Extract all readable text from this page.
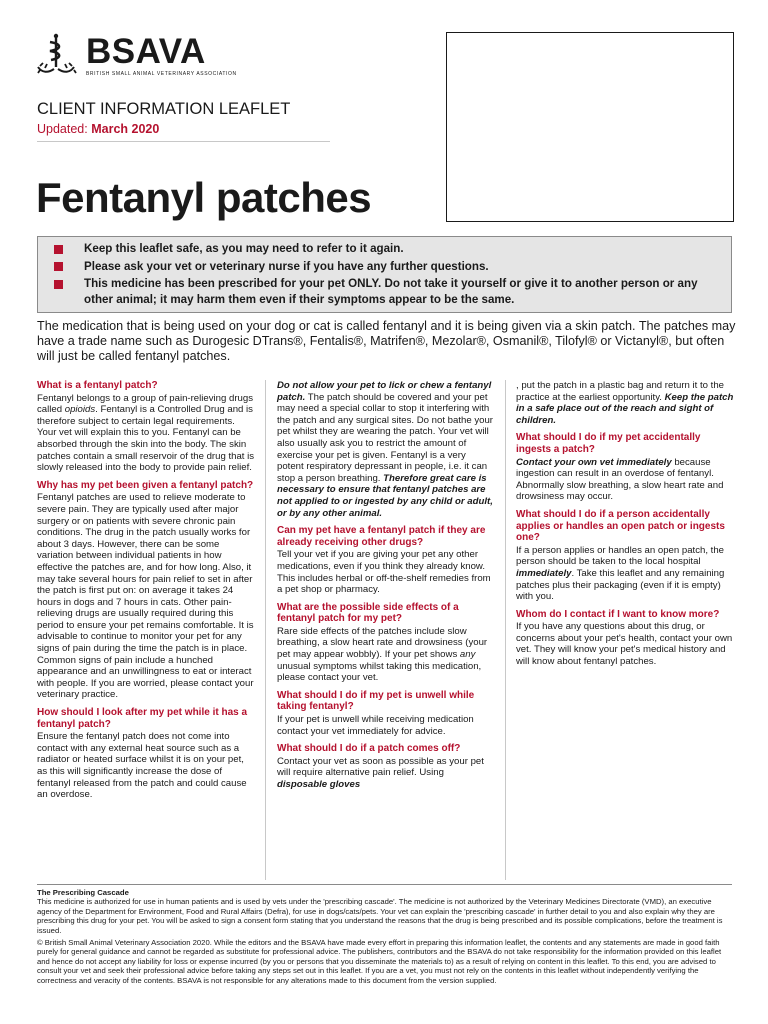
BSAVA
BRITISH SMALL ANIMAL VETERINARY ASSOCIATION
CLIENT INFORMATION LEAFLET
Updated: March 2020
Fentanyl patches
Keep this leaflet safe, as you may need to refer to it again.
Please ask your vet or veterinary nurse if you have any further questions.
This medicine has been prescribed for your pet ONLY. Do not take it yourself or give it to another person or any other animal; it may harm them even if their symptoms appear to be the same.

The medication that is being used on your dog or cat is called fentanyl and it is being given via a skin patch. The patches may have a trade name such as Durogesic DTrans®, Fentalis®, Matrifen®, Mezolar®, Osmanil®, Tilofyl® or Victanyl®, but often will just be called fentanyl patches.

What is a fentanyl patch?

Fentanyl belongs to a group of pain-relieving drugs called opioids. Fentanyl is a Controlled Drug and is therefore subject to certain legal requirements. Your vet will explain this to you. Fentanyl can be absorbed through the skin into the body. The skin patches contain a small reservoir of the drug that is slowly released into the body to provide pain relief.

Why has my pet been given a fentanyl patch?

Fentanyl patches are used to relieve moderate to severe pain. They are typically used after major surgery or on patients with severe chronic pain conditions. The drug in the patch usually works for about 3 days. However, there can be some variation between individual patients in how effective the patches are, and for how long. Also, it may take several hours for pain relief to set in after the patch is first put on: on average it takes 24 hours in dogs and 7 hours in cats. Other pain-relieving drugs are usually required during this period to ensure your pet remains comfortable. It is advisable to continue to monitor your pet for any signs of pain during the time the patch is in place. Common signs of pain include a hunched appearance and an unwillingness to eat or interact with people. If you are worried, please contact your veterinary practice.

How should I look after my pet while it has a fentanyl patch?

Ensure the fentanyl patch does not come into contact with any external heat source such as a radiator or heated surface whilst it is on your pet, as this will significantly increase the dose of fentanyl released from the patch and could cause an overdose.

Do not allow your pet to lick or chew a fentanyl patch. The patch should be covered and your pet may need a special collar to stop it interfering with the patch and any surgical sites. Do not bathe your pet whilst they are wearing the patch. Your vet will also usually ask you to restrict the amount of exercise your pet is given. Fentanyl is a very potent respiratory depressant in people, i.e. it can stop a person breathing. Therefore great care is necessary to ensure that fentanyl patches are not applied to or ingested by any child or adult, or by any other animal.

Can my pet have a fentanyl patch if they are already receiving other drugs?

Tell your vet if you are giving your pet any other medications, even if you think they already know. This includes herbal or off-the-shelf remedies from a pet shop or pharmacy.

What are the possible side effects of a fentanyl patch for my pet?

Rare side effects of the patches include slow breathing, a slow heart rate and drowsiness (your pet may appear wobbly). If your pet shows any unusual symptoms whilst taking this medication, please contact your vet.

What should I do if my pet is unwell while taking fentanyl?

If your pet is unwell while receiving medication contact your vet immediately for advice.

What should I do if a patch comes off?

Contact your vet as soon as possible as your pet will require alternative pain relief. Using disposable gloves

, put the patch in a plastic bag and return it to the practice at the earliest opportunity. Keep the patch in a safe place out of the reach and sight of children.

What should I do if my pet accidentally ingests a patch?

Contact your own vet immediately because ingestion can result in an overdose of fentanyl. Abnormally slow breathing, a slow heart rate and drowsiness may occur.

What should I do if a person accidentally applies or handles an open patch or ingests one?

If a person applies or handles an open patch, the person should be taken to the local hospital immediately. Take this leaflet and any remaining patches plus their packaging (even if it is empty) with you.

Whom do I contact if I want to know more?

If you have any questions about this drug, or concerns about your pet's health, contact your own vet. They will know your pet's medical history and will know about fentanyl patches.

The Prescribing Cascade

This medicine is authorized for use in human patients and is used by vets under the 'prescribing cascade'. The medicine is not authorized by the Veterinary Medicines Directorate (VMD), an executive agency of the Department for Environment, Food and Rural Affairs (Defra), for use in dogs/cats/pets. Your vet can explain the 'prescribing cascade' in further detail to you and also explain why they are prescribing this drug for your pet. You will be asked to sign a consent form stating that you understand the reasons that the drug is being prescribed and its possible complications, before the treatment is issued.

© British Small Animal Veterinary Association 2020. While the editors and the BSAVA have made every effort in preparing this information leaflet, the contents and any statements are made in good faith purely for general guidance and cannot be regarded as substitute for professional advice. The publishers, contributors and the BSAVA do not take responsibility for the information provided on this leaflet and hence do not accept any liability for loss or expense incurred (by you or persons that you disseminate the materials to) as a result of relying on content in this leaflet. To this end, you are advised to consult your vet and seek their professional advice before taking any steps set out in this leaflet. If you are a vet, you must not rely on the contents in this leaflet without independently verifying the correctness and veracity of the contents. BSAVA is not responsible for any alterations made to this document from the version supplied.
